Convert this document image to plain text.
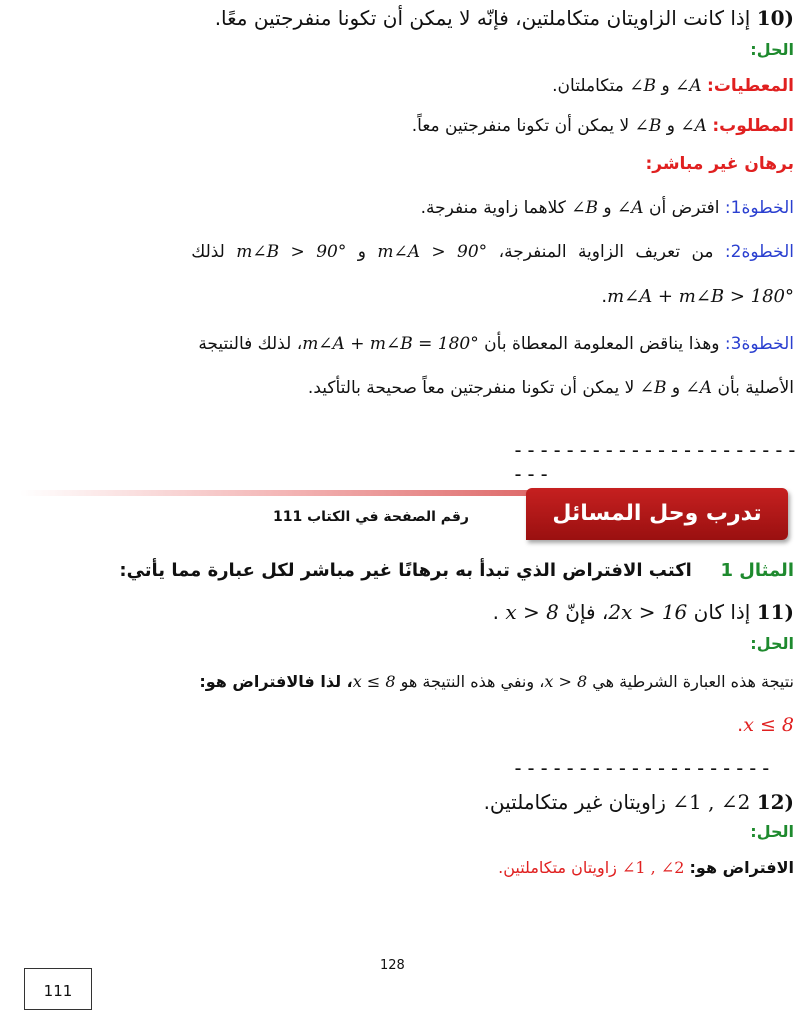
10) إذا كانت الزاويتان متكاملتين، فإنّه لا يمكن أن تكونا منفرجتين معًا.
الحل:
المعطيات: ∠A و ∠B متكاملتان.
المطلوب: ∠A و ∠B لا يمكن أن تكونا منفرجتين معاً.
برهان غير مباشر:
الخطوة1: افترض أن ∠A و ∠B كلاهما زاوية منفرجة.
الخطوة2: من تعريف الزاوية المنفرجة، m∠A > 90° و m∠B > 90° لذلك
m∠A + m∠B > 180°.
الخطوة3: وهذا يناقض المعلومة المعطاة بأن m∠A + m∠B = 180°، لذلك فالنتيجة
الأصلية بأن ∠A و ∠B لا يمكن أن تكونا منفرجتين معاً صحيحة بالتأكيد.
-------------------------
رقم الصفحة في الكتاب 111	تدرب وحل المسائل
المثال 1     اكتب الافتراض الذي تبدأ به برهانًا غير مباشر لكل عبارة مما يأتي:
11) إذا كان 2x > 16، فإنّ x > 8 .
الحل:
نتيجة هذه العبارة الشرطية هي x > 8، ونفي هذه النتيجة هو x ≤ 8، لذا فالافتراض هو:
x ≤ 8.
--------------------
12) ∠1 , ∠2 زاويتان غير متكاملتين.
الحل:
الافتراض هو: ∠1 , ∠2 زاويتان متكاملتين.
128
111
